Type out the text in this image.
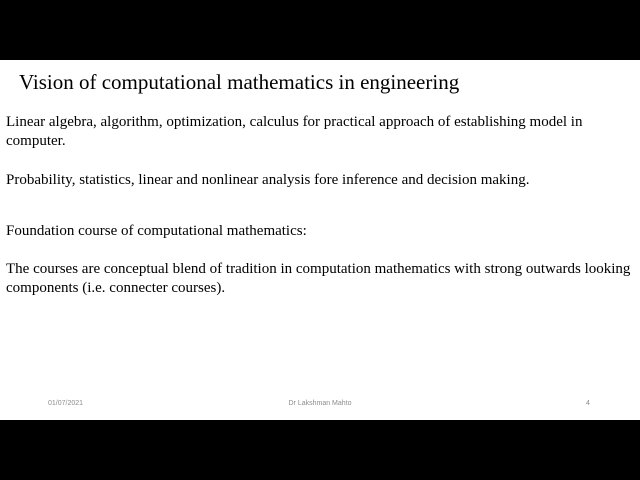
Vision of computational mathematics in engineering
Linear algebra, algorithm, optimization, calculus for practical approach of establishing model in computer.
Probability, statistics, linear and nonlinear analysis fore inference and decision making.
Foundation course of computational mathematics:
The courses are conceptual blend of tradition in computation mathematics with strong outwards looking components (i.e. connecter courses).
01/07/2021	Dr Lakshman Mahto	4
